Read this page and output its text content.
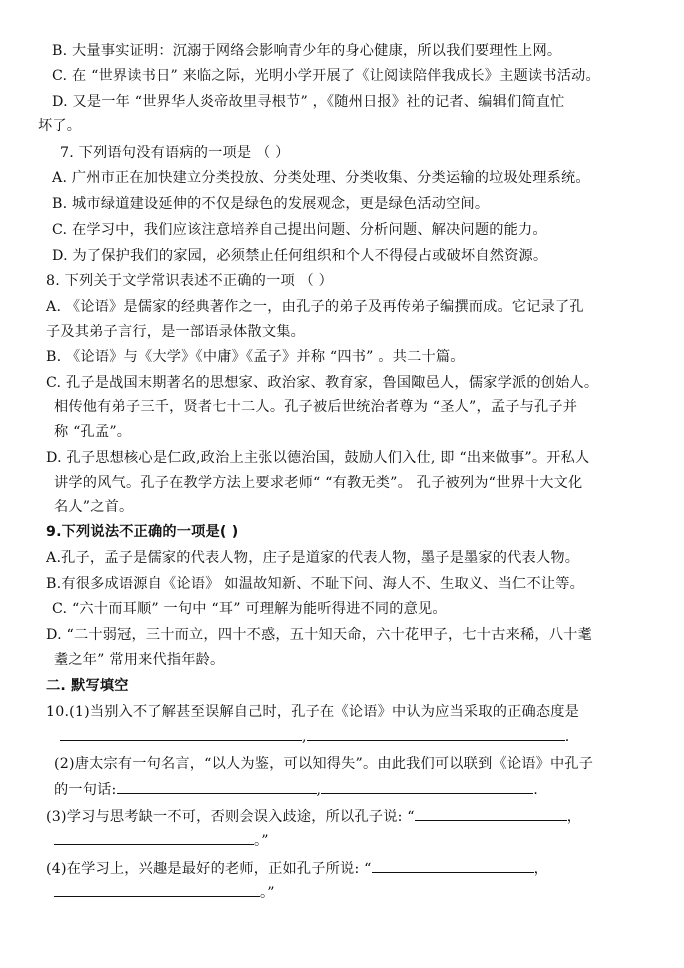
B. 大量事实证明：沉溺于网络会影响青少年的身心健康，所以我们要理性上网。
C. 在 “世界读书日” 来临之际，光明小学开展了《让阅读陪伴我成长》主题读书活动。
D. 又是一年 “世界华人炎帝故里寻根节” ，《随州日报》社的记者、编辑们简直忙
坏了。
7. 下列语句没有语病的一项是 （ ）
A. 广州市正在加快建立分类投放、分类处理、分类收集、分类运输的垃圾处理系统。
B. 城市绿道建设延伸的不仅是绿色的发展观念，更是绿色活动空间。
C. 在学习中，我们应该注意培养自己提出问题、分析问题、解决问题的能力。
D. 为了保护我们的家园，必须禁止任何组织和个人不得侵占或破坏自然资源。
8. 下列关于文学常识表述不正确的一项 （ ）
A. 《论语》是儒家的经典著作之一，由孔子的弟子及再传弟子编撰而成。它记录了孔
子及其弟子言行，是一部语录体散文集。
B. 《论语》与《大学》《中庸》《孟子》并称 “四书” 。共二十篇。
C. 孔子是战国末期著名的思想家、政治家、教育家，鲁国陬邑人，儒家学派的创始人。
相传他有弟子三千，贤者七十二人。孔子被后世统治者尊为 “圣人”，孟子与孔子并
称 “孔孟”。
D. 孔子思想核心是仁政,政治上主张以德治国，鼓励人们入仕, 即 “出来做事”。开私人
讲学的风气。孔子在教学方法上要求老师“ “有教无类”。 孔子被列为“世界十大文化
名人”之首。
9.下列说法不正确的一项是( )
A.孔子，孟子是儒家的代表人物，庄子是道家的代表人物，墨子是墨家的代表人物。
B.有很多成语源自《论语》 如温故知新、不耻下问、海人不、生取义、当仁不让等。
C. “六十而耳顺” 一句中 “耳” 可理解为能听得进不同的意见。
D. “二十弱冠，三十而立，四十不惑，五十知天命，六十花甲子，七十古来稀，八十耄
耋之年” 常用来代指年龄。
二. 默写填空
10.(1)当别入不了解甚至误解自己时，孔子在《论语》中认为应当采取的正确态度是
,	.
(2)唐太宗有一句名言，“以人为鉴，可以知得失”。由此我们可以联到《论语》中孔子
的一句话:	,	.
(3)学习与思考缺一不可，否则会误入歧途，所以孔子说: “	，
。”
(4)在学习上，兴趣是最好的老师，正如孔子所说: “	，
。”
